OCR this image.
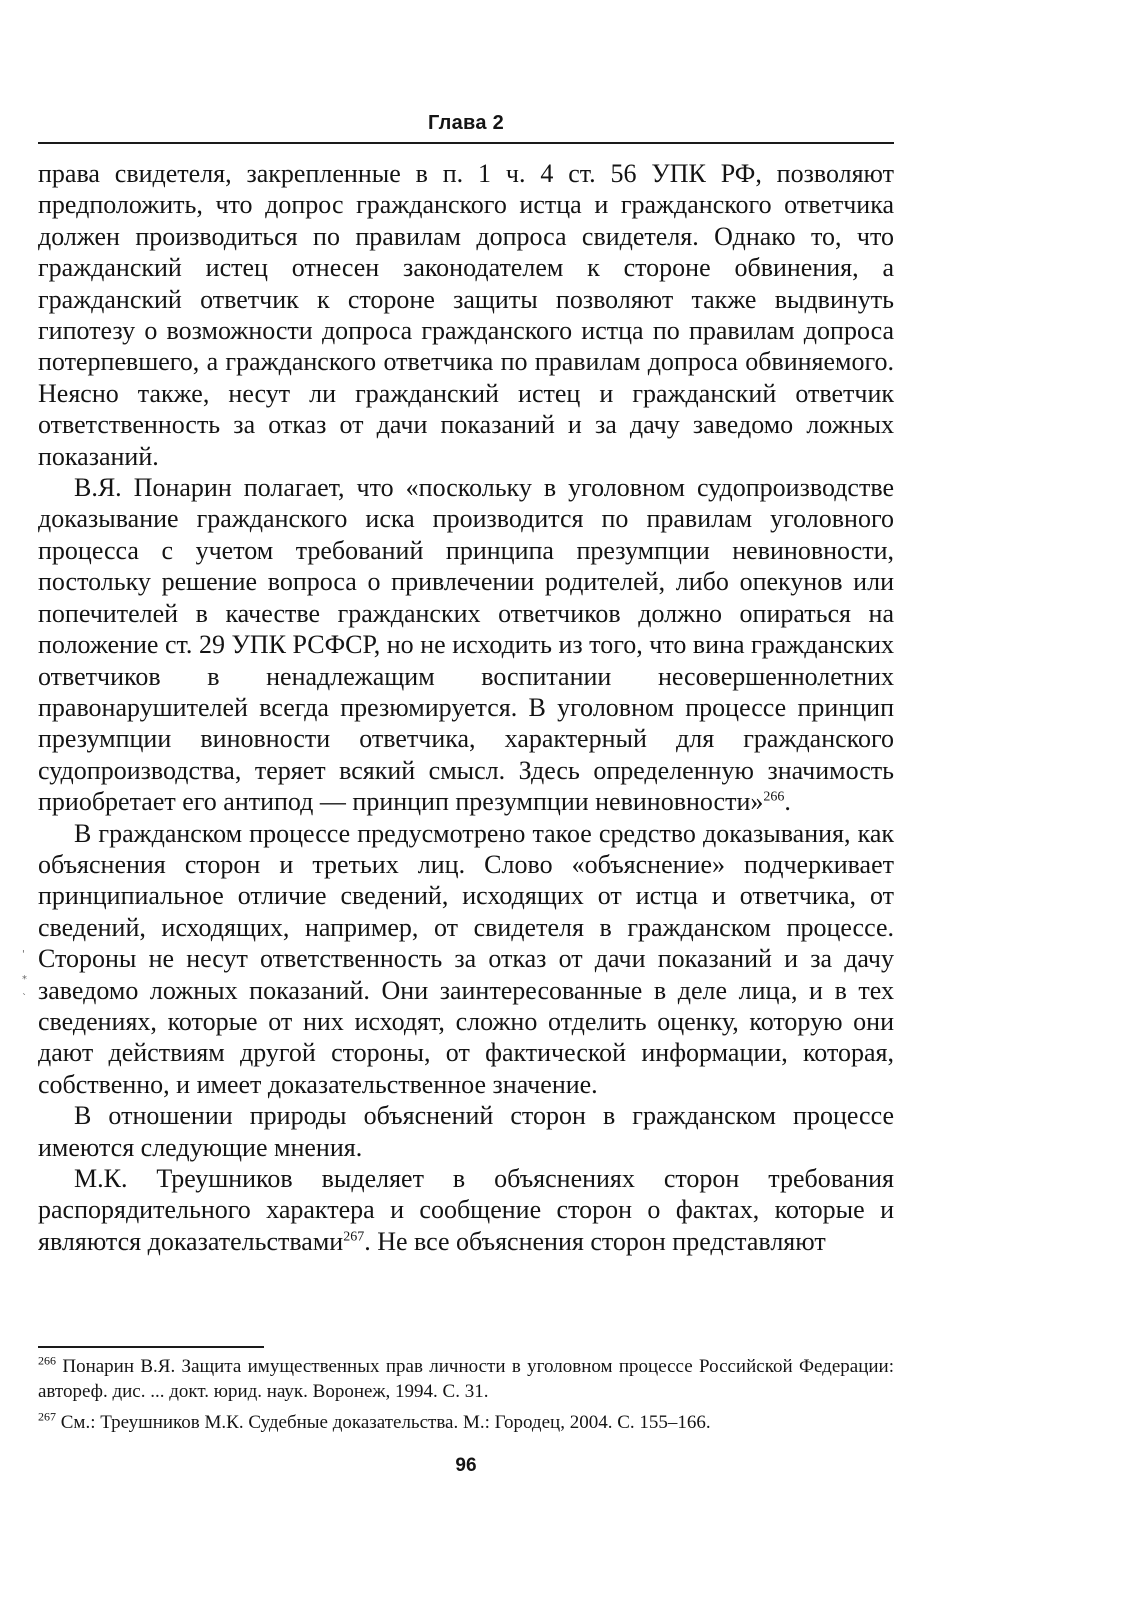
Глава 2

права свидетеля, закрепленные в п. 1 ч. 4 ст. 56 УПК РФ, позволяют предположить, что допрос гражданского истца и гражданского ответчика должен производиться по правилам допроса свидетеля. Однако то, что гражданский истец отнесен законодателем к стороне обвинения, а гражданский ответчик к стороне защиты позволяют также выдвинуть гипотезу о возможности допроса гражданского истца по правилам допроса потерпевшего, а гражданского ответчика по правилам допроса обвиняемого. Неясно также, несут ли гражданский истец и гражданский ответчик ответственность за отказ от дачи показаний и за дачу заведомо ложных показаний.

В.Я. Понарин полагает, что «поскольку в уголовном судопроизводстве доказывание гражданского иска производится по правилам уголовного процесса с учетом требований принципа презумпции невиновности, постольку решение вопроса о привлечении родителей, либо опекунов или попечителей в качестве гражданских ответчиков должно опираться на положение ст. 29 УПК РСФСР, но не исходить из того, что вина гражданских ответчиков в ненадлежащим воспитании несовершеннолетних правонарушителей всегда презюмируется. В уголовном процессе принцип презумпции виновности ответчика, характерный для гражданского судопроизводства, теряет всякий смысл. Здесь определенную значимость приобретает его антипод — принцип презумпции невиновности»$^{266}$.

В гражданском процессе предусмотрено такое средство доказывания, как объяснения сторон и третьих лиц. Слово «объяснение» подчеркивает принципиальное отличие сведений, исходящих от истца и ответчика, от сведений, исходящих, например, от свидетеля в гражданском процессе. Стороны не несут ответственность за отказ от дачи показаний и за дачу заведомо ложных показаний. Они заинтересованные в деле лица, и в тех сведениях, которые от них исходят, сложно отделить оценку, которую они дают действиям другой стороны, от фактической информации, которая, собственно, и имеет доказательственное значение.

В отношении природы объяснений сторон в гражданском процессе имеются следующие мнения.

М.К. Треушников выделяет в объяснениях сторон требования распорядительного характера и сообщение сторон о фактах, которые и являются доказательствами$^{267}$. Не все объяснения сторон представляют

$^{266}$ Понарин В.Я. Защита имущественных прав личности в уголовном процессе Российской Федерации: автореф. дис. ... докт. юрид. наук. Воронеж, 1994. С. 31.

$^{267}$ См.: Треушников М.К. Судебные доказательства. М.: Городец, 2004. С. 155–166.

96
'
⁎
`
